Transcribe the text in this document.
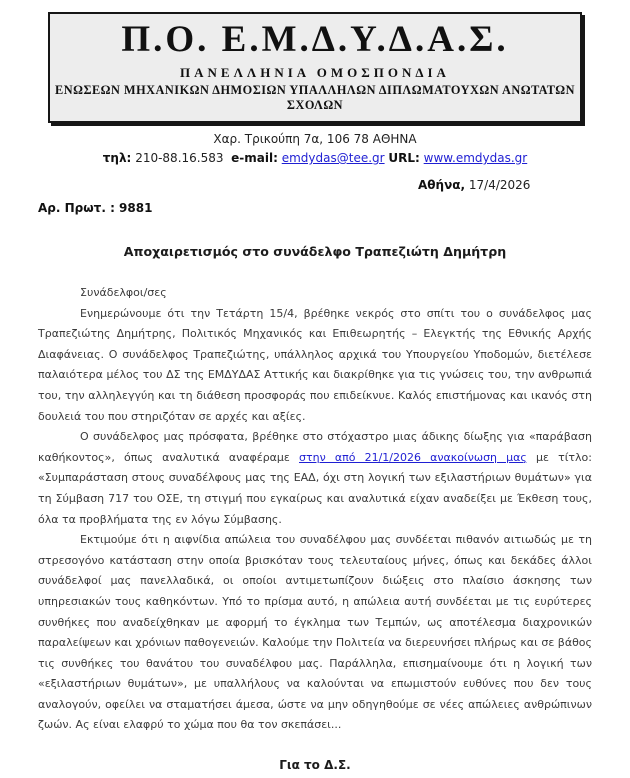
Π.Ο. Ε.Μ.Δ.Υ.Δ.Α.Σ.
ΠΑΝΕΛΛΗΝΙΑ ΟΜΟΣΠΟΝΔΙΑ
ΕΝΩΣΕΩΝ ΜΗΧΑΝΙΚΩΝ ΔΗΜΟΣΙΩΝ ΥΠΑΛΛΗΛΩΝ ΔΙΠΛΩΜΑΤΟΥΧΩΝ ΑΝΩΤΑΤΩΝ ΣΧΟΛΩΝ
Χαρ. Τρικούπη 7α, 106 78 ΑΘΗΝΑ
τηλ: 210-88.16.583 e-mail: emdydas@tee.gr URL: www.emdydas.gr
Αθήνα, 17/4/2026
Αρ. Πρωτ. : 9881
Αποχαιρετισμός στο συνάδελφο Τραπεζιώτη Δημήτρη

Συνάδελφοι/σες

Ενημερώνουμε ότι την Τετάρτη 15/4, βρέθηκε νεκρός στο σπίτι του ο συνάδελφος μας Τραπεζιώτης Δημήτρης, Πολιτικός Μηχανικός και Επιθεωρητής – Ελεγκτής της Εθνικής Αρχής Διαφάνειας. Ο συνάδελφος Τραπεζιώτης, υπάλληλος αρχικά του Υπουργείου Υποδομών, διετέλεσε παλαιότερα μέλος του ΔΣ της ΕΜΔΥΔΑΣ Αττικής και διακρίθηκε για τις γνώσεις του, την ανθρωπιά του, την αλληλεγγύη και τη διάθεση προσφοράς που επιδείκνυε. Καλός επιστήμονας και ικανός στη δουλειά του που στηριζόταν σε αρχές και αξίες.

Ο συνάδελφος μας πρόσφατα, βρέθηκε στο στόχαστρο μιας άδικης δίωξης για «παράβαση καθήκοντος», όπως αναλυτικά αναφέραμε στην από 21/1/2026 ανακοίνωση μας με τίτλο: «Συμπαράσταση στους συναδέλφους μας της ΕΑΔ, όχι στη λογική των εξιλαστήριων θυμάτων» για τη Σύμβαση 717 του ΟΣΕ, τη στιγμή που εγκαίρως και αναλυτικά είχαν αναδείξει με Έκθεση τους, όλα τα προβλήματα της εν λόγω Σύμβασης.

Εκτιμούμε ότι η αιφνίδια απώλεια του συναδέλφου μας συνδέεται πιθανόν αιτιωδώς με τη στρεσογόνο κατάσταση στην οποία βρισκόταν τους τελευταίους μήνες, όπως και δεκάδες άλλοι συνάδελφοί μας πανελλαδικά, οι οποίοι αντιμετωπίζουν διώξεις στο πλαίσιο άσκησης των υπηρεσιακών τους καθηκόντων. Υπό το πρίσμα αυτό, η απώλεια αυτή συνδέεται με τις ευρύτερες συνθήκες που αναδείχθηκαν με αφορμή το έγκλημα των Τεμπών, ως αποτέλεσμα διαχρονικών παραλείψεων και χρόνιων παθογενειών. Καλούμε την Πολιτεία να διερευνήσει πλήρως και σε βάθος τις συνθήκες του θανάτου του συναδέλφου μας. Παράλληλα, επισημαίνουμε ότι η λογική των «εξιλαστήριων θυμάτων», με υπαλλήλους να καλούνται να επωμιστούν ευθύνες που δεν τους αναλογούν, οφείλει να σταματήσει άμεσα, ώστε να μην οδηγηθούμε σε νέες απώλειες ανθρώπινων ζωών. Ας είναι ελαφρύ το χώμα που θα τον σκεπάσει...

Για το Δ.Σ.
